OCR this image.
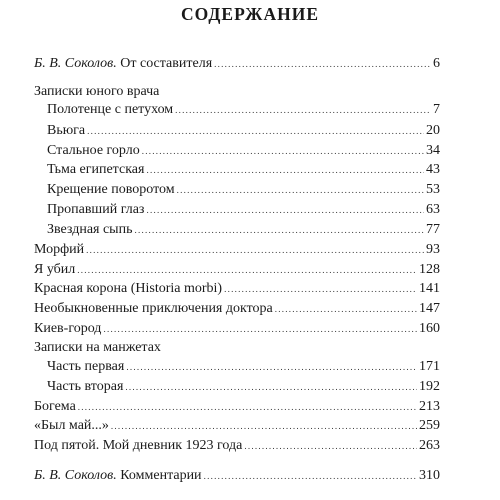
СОДЕРЖАНИЕ
Б. В. Соколов. От составителя . . .	6
Записки юного врача
Полотенце с петухом . . .	7
Вьюга . . .	20
Стальное горло . . .	34
Тьма египетская . . .	43
Крещение поворотом . . .	53
Пропавший глаз . . .	63
Звездная сыпь . . .	77
Морфий . . .	93
Я убил . . .	128
Красная корона (Historia morbi) . . .	141
Необыкновенные приключения доктора . . .	147
Киев-город . . .	160
Записки на манжетах
Часть первая . . .	171
Часть вторая . . .	192
Богема . . .	213
«Был май...» . . .	259
Под пятой. Мой дневник 1923 года . . .	263
Б. В. Соколов. Комментарии . . .	310
